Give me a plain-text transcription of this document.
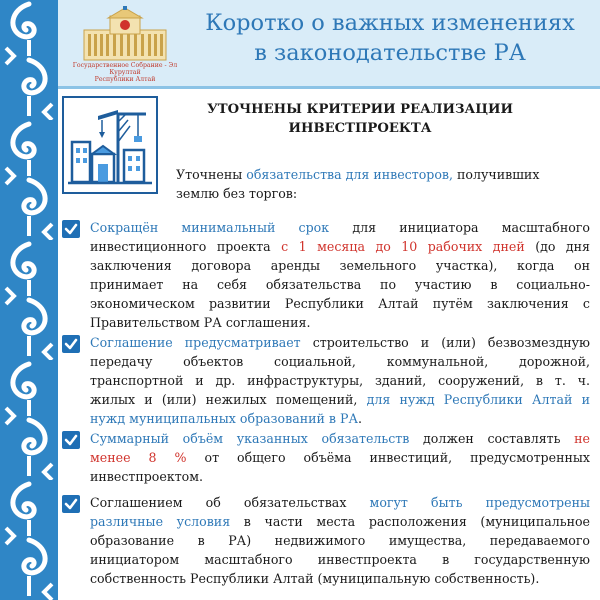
Государственное Собрание - Эл Курултай
Республики Алтай
Коротко о важных изменениях
в законодательстве РА
УТОЧНЕНЫ КРИТЕРИИ РЕАЛИЗАЦИИ
ИНВЕСТПРОЕКТА
Уточнены обязательства для инвесторов, получивших
землю без торгов:
Сокращён минимальный срок для инициатора масштабного
инвестиционного проекта с 1 месяца до 10 рабочих дней (до дня
заключения договора аренды земельного участка), когда он
принимает на себя обязательства по участию в социально-
экономическом развитии Республики Алтай путём заключения с
Правительством РА соглашения.
Соглашение предусматривает строительство и (или) безвозмездную
передачу объектов социальной, коммунальной, дорожной,
транспортной и др. инфраструктуры, зданий, сооружений, в т. ч.
жилых и (или) нежилых помещений, для нужд Республики Алтай и
нужд муниципальных образований в РА.
Суммарный объём указанных обязательств должен составлять не
менее 8 % от общего объёма инвестиций, предусмотренных
инвестпроектом.
Соглашением об обязательствах могут быть предусмотрены
различные условия в части места расположения (муниципальное
образование в РА) недвижимого имущества, передаваемого
инициатором масштабного инвестпроекта в государственную
собственность Республики Алтай (муниципальную собственность).
